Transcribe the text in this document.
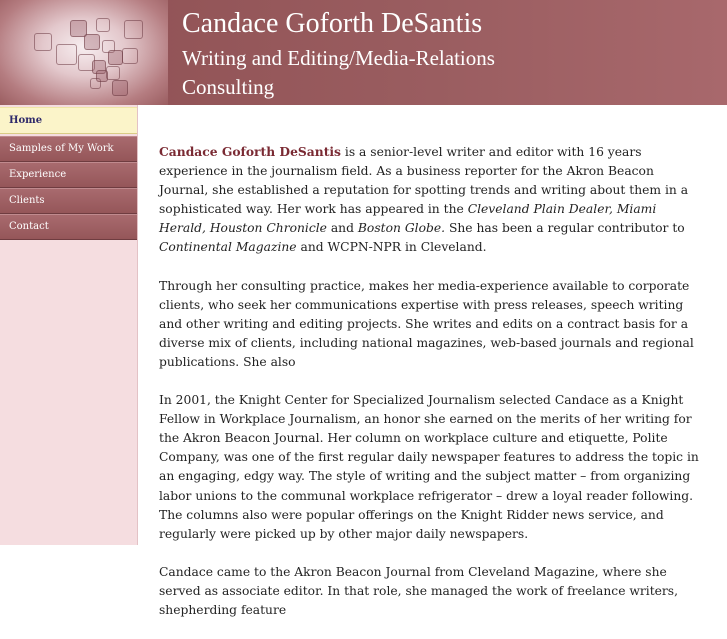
Candace Goforth DeSantis
Writing and Editing/Media-Relations
Consulting
Home
Samples of My Work
Experience
Clients
Contact

Candace Goforth DeSantis is a senior-level writer and editor with 16 years experience in the journalism field. As a business reporter for the Akron Beacon Journal, she established a reputation for spotting trends and writing about them in a sophisticated way. Her work has appeared in the Cleveland Plain Dealer, Miami Herald, Houston Chronicle and Boston Globe. She has been a regular contributor to Continental Magazine and WCPN-NPR in Cleveland.

Through her consulting practice, makes her media-experience available to corporate clients, who seek her communications expertise with press releases, speech writing and other writing and editing projects. She writes and edits on a contract basis for a diverse mix of clients, including national magazines, web-based journals and regional publications. She also

In 2001, the Knight Center for Specialized Journalism selected Candace as a Knight Fellow in Workplace Journalism, an honor she earned on the merits of her writing for the Akron Beacon Journal. Her column on workplace culture and etiquette, Polite Company, was one of the first regular daily newspaper features to address the topic in an engaging, edgy way. The style of writing and the subject matter – from organizing labor unions to the communal workplace refrigerator – drew a loyal reader following. The columns also were popular offerings on the Knight Ridder news service, and regularly were picked up by other major daily newspapers.

Candace came to the Akron Beacon Journal from Cleveland Magazine, where she served as associate editor. In that role, she managed the work of freelance writers, shepherding feature
